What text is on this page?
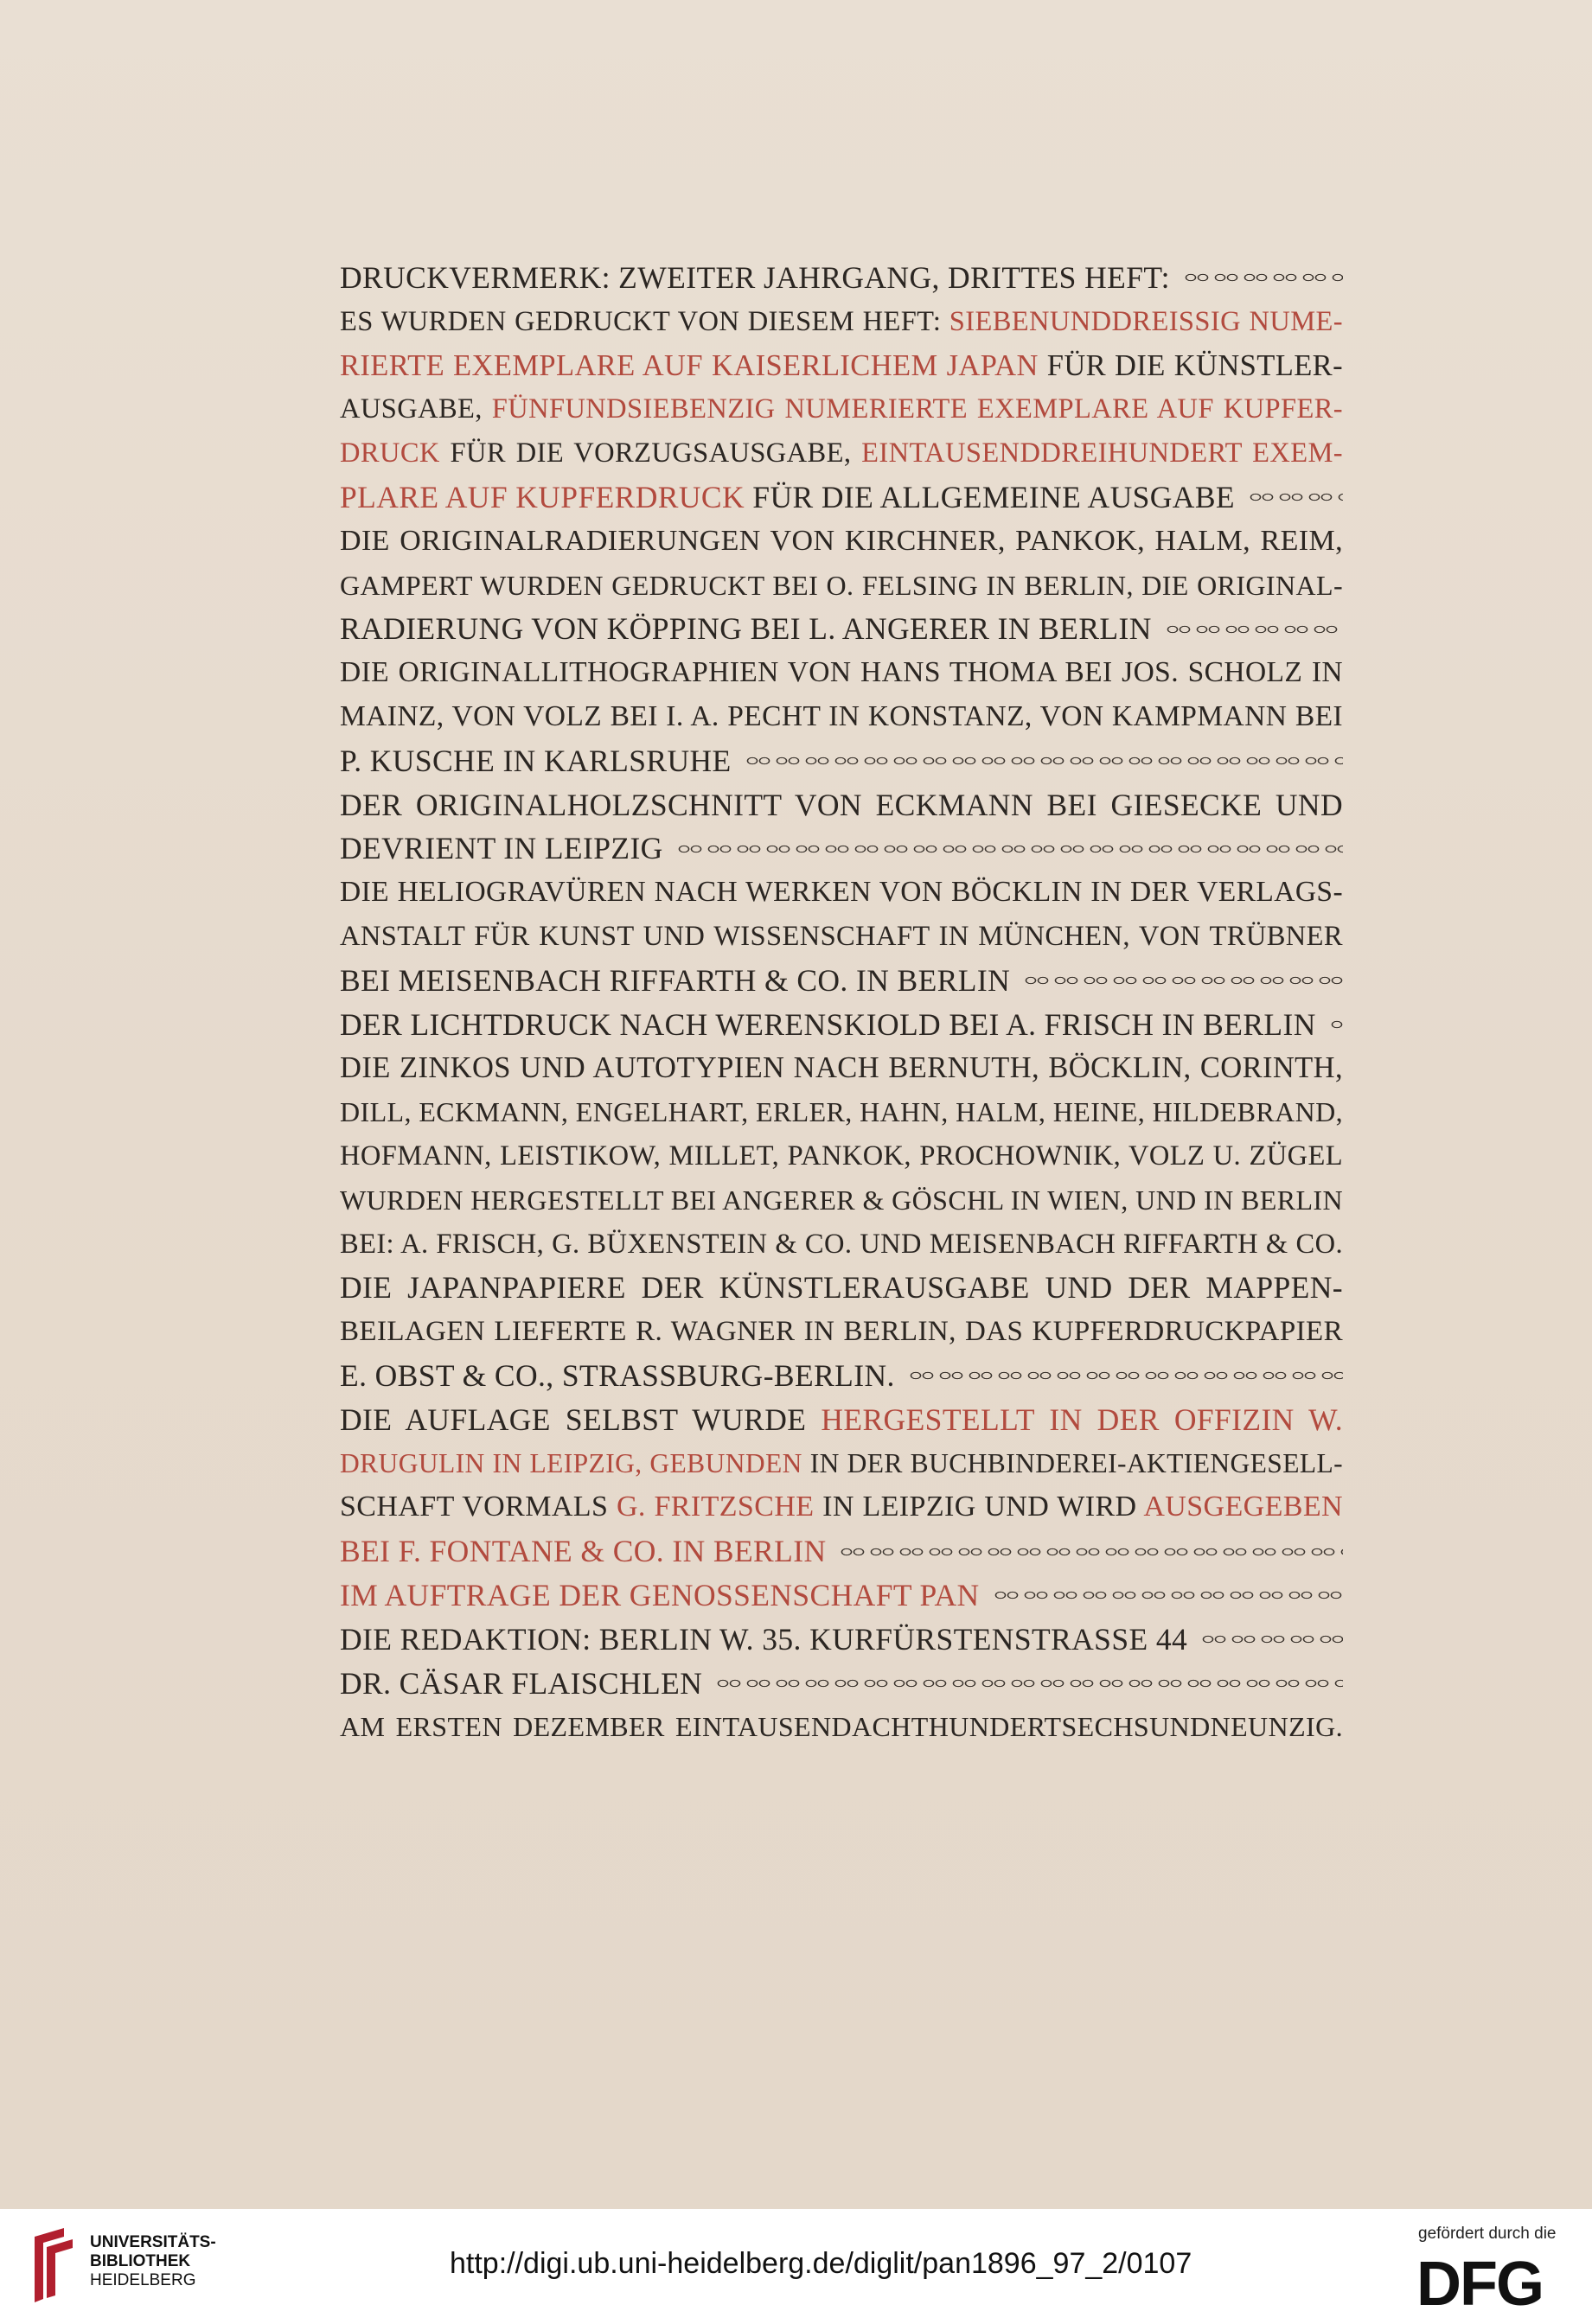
DRUCKVERMERK: ZWEITER JAHRGANG, DRITTES HEFT:
ES WURDEN GEDRUCKT VON DIESEM HEFT: SIEBENUNDDREISSIG NUME-
RIERTE EXEMPLARE AUF KAISERLICHEM JAPAN FÜR DIE KÜNSTLER-
AUSGABE, FÜNFUNDSIEBENZIG NUMERIERTE EXEMPLARE AUF KUPFER-
DRUCK FÜR DIE VORZUGSAUSGABE, EINTAUSENDDREIHUNDERT EXEM-
PLARE AUF KUPFERDRUCK FÜR DIE ALLGEMEINE AUSGABE
DIE ORIGINALRADIERUNGEN VON KIRCHNER, PANKOK, HALM, REIM,
GAMPERT WURDEN GEDRUCKT BEI O. FELSING IN BERLIN, DIE ORIGINAL-
RADIERUNG VON KÖPPING BEI L. ANGERER IN BERLIN
DIE ORIGINALLITHOGRAPHIEN VON HANS THOMA BEI JOS. SCHOLZ IN
MAINZ, VON VOLZ BEI I. A. PECHT IN KONSTANZ, VON KAMPMANN BEI
P. KUSCHE IN KARLSRUHE
DER ORIGINALHOLZSCHNITT VON ECKMANN BEI GIESECKE UND
DEVRIENT IN LEIPZIG
DIE HELIOGRAVÜREN NACH WERKEN VON BÖCKLIN IN DER VERLAGS-
ANSTALT FÜR KUNST UND WISSENSCHAFT IN MÜNCHEN, VON TRÜBNER
BEI MEISENBACH RIFFARTH & CO. IN BERLIN
DER LICHTDRUCK NACH WERENSKIOLD BEI A. FRISCH IN BERLIN
DIE ZINKOS UND AUTOTYPIEN NACH BERNUTH, BÖCKLIN, CORINTH,
DILL, ECKMANN, ENGELHART, ERLER, HAHN, HALM, HEINE, HILDEBRAND,
HOFMANN, LEISTIKOW, MILLET, PANKOK, PROCHOWNIK, VOLZ U. ZÜGEL
WURDEN HERGESTELLT BEI ANGERER & GÖSCHL IN WIEN, UND IN BERLIN
BEI: A. FRISCH, G. BÜXENSTEIN & CO. UND MEISENBACH RIFFARTH & CO.
DIE JAPANPAPIERE DER KÜNSTLERAUSGABE UND DER MAPPEN-
BEILAGEN LIEFERTE R. WAGNER IN BERLIN, DAS KUPFERDRUCKPAPIER
E. OBST & CO., STRASSBURG-BERLIN.
DIE AUFLAGE SELBST WURDE HERGESTELLT IN DER OFFIZIN W.
DRUGULIN IN LEIPZIG, GEBUNDEN IN DER BUCHBINDEREI-AKTIENGESELL-
SCHAFT VORMALS G. FRITZSCHE IN LEIPZIG UND WIRD AUSGEGEBEN
BEI F. FONTANE & CO. IN BERLIN
IM AUFTRAGE DER GENOSSENSCHAFT PAN
DIE REDAKTION: BERLIN W. 35. KURFÜRSTENSTRASSE 44
DR. CÄSAR FLAISCHLEN
AM ERSTEN DEZEMBER EINTAUSENDACHTHUNDERTSECHSUNDNEUNZIG.
UNIVERSITÄTS-
BIBLIOTHEK
HEIDELBERG
http://digi.ub.uni-heidelberg.de/diglit/pan1896_97_2/0107
gefördert durch die
DFG
